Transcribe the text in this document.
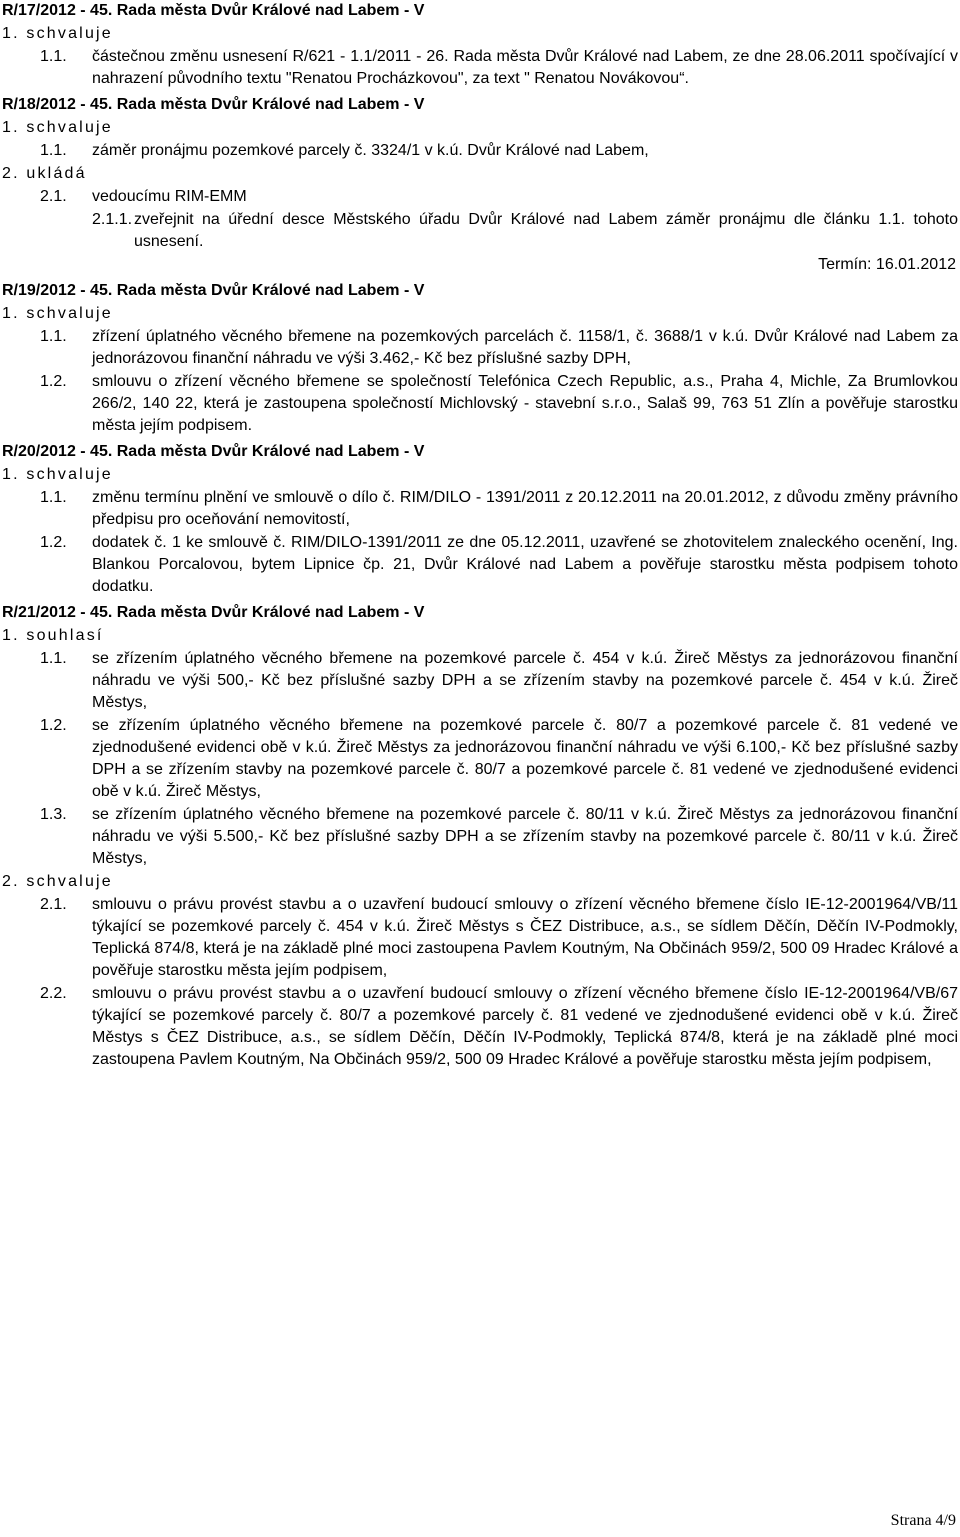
R/17/2012 - 45. Rada města Dvůr Králové nad Labem - V
1. schvaluje
1.1. částečnou změnu usnesení R/621 - 1.1/2011 - 26. Rada města Dvůr Králové nad Labem, ze dne 28.06.2011 spočívající v nahrazení původního textu "Renatou Procházkovou", za text " Renatou Novákovou“.
R/18/2012 - 45. Rada města Dvůr Králové nad Labem - V
1. schvaluje
1.1. záměr pronájmu pozemkové parcely č. 3324/1 v k.ú. Dvůr Králové nad Labem,
2. ukládá
2.1. vedoucímu RIM-EMM
2.1.1. zveřejnit na úřední desce Městského úřadu Dvůr Králové nad Labem záměr pronájmu dle článku 1.1. tohoto usnesení.
Termín: 16.01.2012
R/19/2012 - 45. Rada města Dvůr Králové nad Labem - V
1. schvaluje
1.1. zřízení úplatného věcného břemene na pozemkových parcelách č. 1158/1, č. 3688/1 v k.ú. Dvůr Králové nad Labem za jednorázovou finanční náhradu ve výši 3.462,- Kč bez příslušné sazby DPH,
1.2. smlouvu o zřízení věcného břemene se společností Telefónica Czech Republic, a.s., Praha 4, Michle, Za Brumlovkou 266/2, 140 22, která je zastoupena společností Michlovský - stavební s.r.o., Salaš 99, 763 51 Zlín a pověřuje starostku města jejím podpisem.
R/20/2012 - 45. Rada města Dvůr Králové nad Labem - V
1. schvaluje
1.1. změnu termínu plnění ve smlouvě o dílo č. RIM/DILO - 1391/2011 z 20.12.2011 na 20.01.2012, z důvodu změny právního předpisu pro oceňování nemovitostí,
1.2. dodatek č. 1 ke smlouvě č. RIM/DILO-1391/2011 ze dne 05.12.2011, uzavřené se zhotovitelem znaleckého ocenění, Ing. Blankou Porcalovou, bytem Lipnice čp. 21, Dvůr Králové nad Labem a pověřuje starostku města podpisem tohoto dodatku.
R/21/2012 - 45. Rada města Dvůr Králové nad Labem - V
1. souhlasí
1.1. se zřízením úplatného věcného břemene na pozemkové parcele č. 454 v k.ú. Žireč Městys za jednorázovou finanční náhradu ve výši 500,- Kč bez příslušné sazby DPH a se zřízením stavby na pozemkové parcele č. 454 v k.ú. Žireč Městys,
1.2. se zřízením úplatného věcného břemene na pozemkové parcele č. 80/7 a pozemkové parcele č. 81 vedené ve zjednodušené evidenci obě v k.ú. Žireč Městys za jednorázovou finanční náhradu ve výši 6.100,- Kč bez příslušné sazby DPH a se zřízením stavby na pozemkové parcele č. 80/7 a pozemkové parcele č. 81 vedené ve zjednodušené evidenci obě v k.ú. Žireč Městys,
1.3. se zřízením úplatného věcného břemene na pozemkové parcele č. 80/11 v k.ú. Žireč Městys za jednorázovou finanční náhradu ve výši 5.500,- Kč bez příslušné sazby DPH a se zřízením stavby na pozemkové parcele č. 80/11 v k.ú. Žireč Městys,
2. schvaluje
2.1. smlouvu o právu provést stavbu a o uzavření budoucí smlouvy o zřízení věcného břemene číslo IE-12-2001964/VB/11 týkající se pozemkové parcely č. 454 v k.ú. Žireč Městys s ČEZ Distribuce, a.s., se sídlem Děčín, Děčín IV-Podmokly, Teplická 874/8, která je na základě plné moci zastoupena Pavlem Koutným, Na Občinách 959/2, 500 09 Hradec Králové a pověřuje starostku města jejím podpisem,
2.2. smlouvu o právu provést stavbu a o uzavření budoucí smlouvy o zřízení věcného břemene číslo IE-12-2001964/VB/67 týkající se pozemkové parcely č. 80/7 a pozemkové parcely č. 81 vedené ve zjednodušené evidenci obě v k.ú. Žireč Městys s ČEZ Distribuce, a.s., se sídlem Děčín, Děčín IV-Podmokly, Teplická 874/8, která je na základě plné moci zastoupena Pavlem Koutným, Na Občinách 959/2, 500 09 Hradec Králové a pověřuje starostku města jejím podpisem,
Strana 4/9
